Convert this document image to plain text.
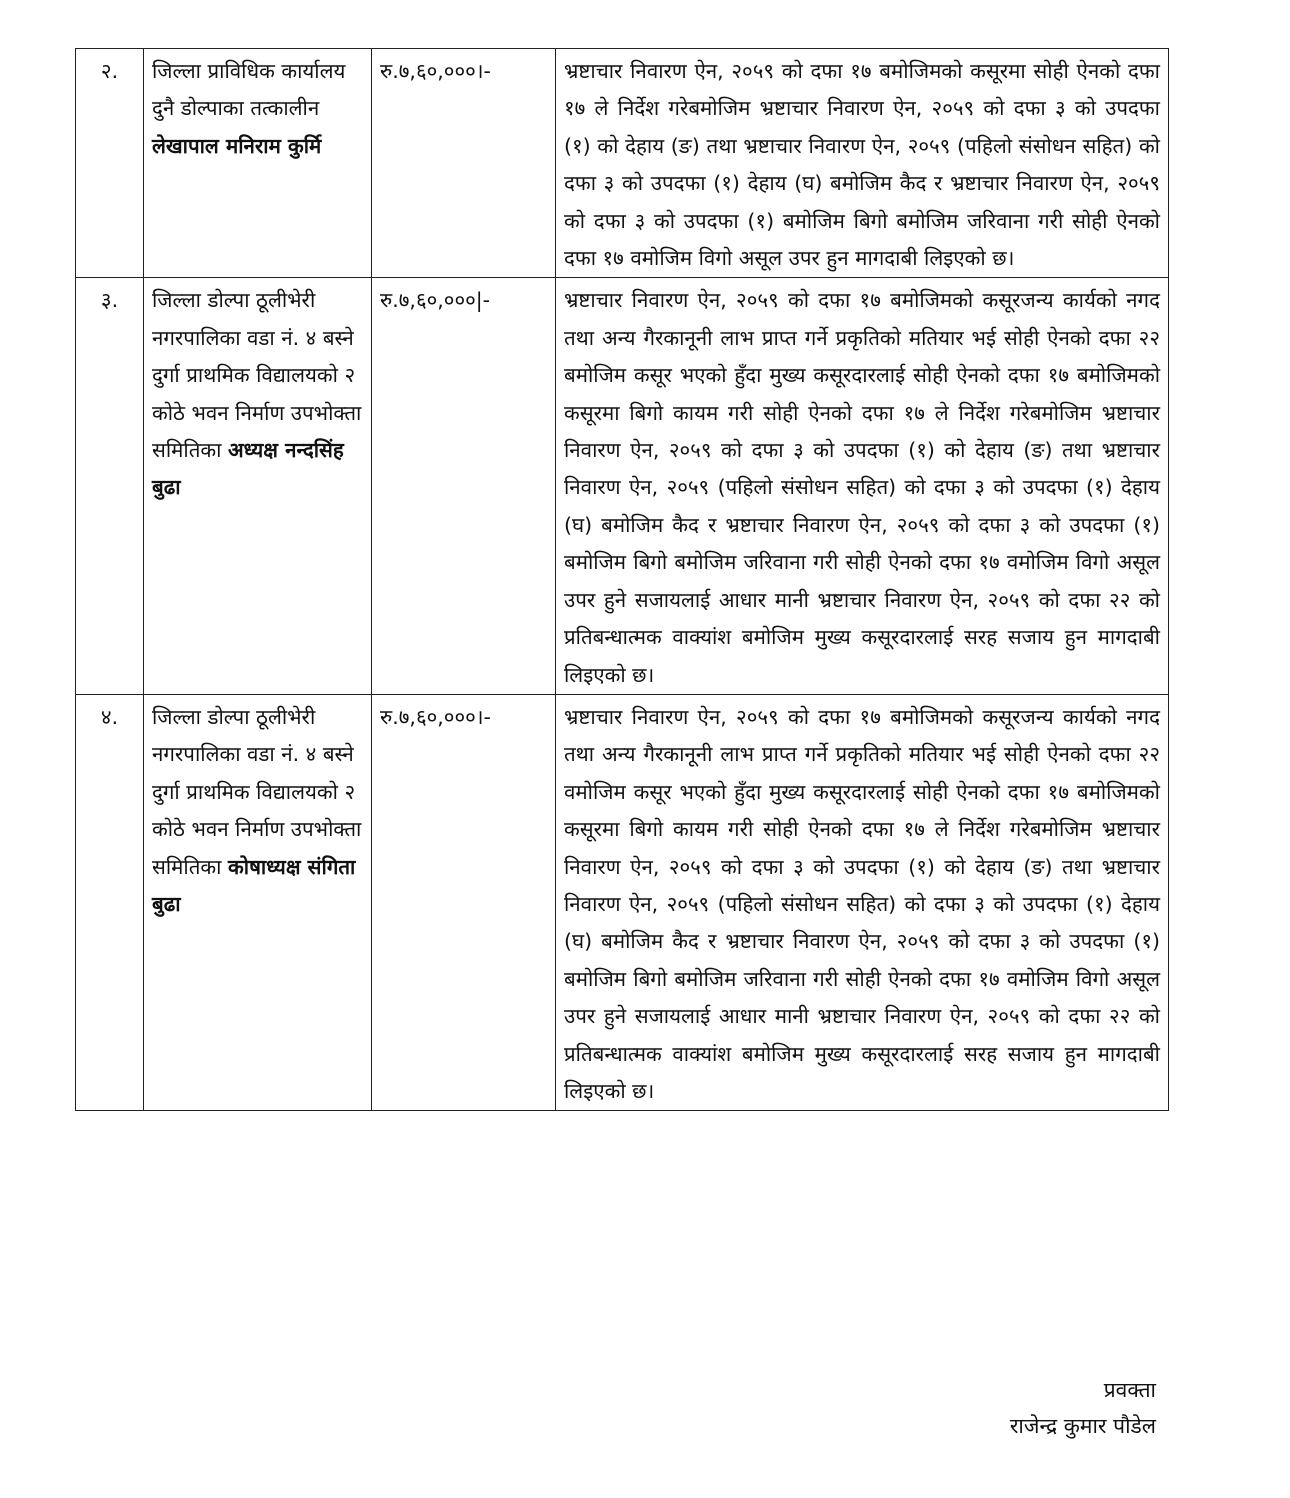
२.	जिल्ला प्राविधिक कार्यालय दुनै डोल्पाका तत्कालीन लेखापाल मनिराम कुर्मि	रु.७,६०,०००।-	भ्रष्टाचार निवारण ऐन, २०५९ को दफा १७ बमोजिमको कसूरमा सोही ऐनको दफा १७ ले निर्देश गरेबमोजिम भ्रष्टाचार निवारण ऐन, २०५९ को दफा ३ को उपदफा (१) को देहाय (ङ) तथा भ्रष्टाचार निवारण ऐन, २०५९ (पहिलो संसोधन सहित) को दफा ३ को उपदफा (१) देहाय (घ) बमोजिम कैद र भ्रष्टाचार निवारण ऐन, २०५९ को दफा ३ को उपदफा (१) बमोजिम बिगो बमोजिम जरिवाना गरी सोही ऐनको दफा १७ वमोजिम विगो असूल उपर हुन मागदाबी लिइएको छ।
३.	जिल्ला डोल्पा ठूलीभेरी नगरपालिका वडा नं. ४ बस्ने दुर्गा प्राथमिक विद्यालयको २ कोठे भवन निर्माण उपभोक्ता समितिका अध्यक्ष नन्दसिंह बुढा	रु.७,६०,०००|-	भ्रष्टाचार निवारण ऐन, २०५९ को दफा १७ बमोजिमको कसूरजन्य कार्यको नगद तथा अन्य गैरकानूनी लाभ प्राप्त गर्ने प्रकृतिको मतियार भई सोही ऐनको दफा २२ बमोजिम कसूर भएको हुँदा मुख्य कसूरदारलाई सोही ऐनको दफा १७ बमोजिमको कसूरमा बिगो कायम गरी सोही ऐनको दफा १७ ले निर्देश गरेबमोजिम भ्रष्टाचार निवारण ऐन, २०५९ को दफा ३ को उपदफा (१) को देहाय (ङ) तथा भ्रष्टाचार निवारण ऐन, २०५९ (पहिलो संसोधन सहित) को दफा ३ को उपदफा (१) देहाय (घ) बमोजिम कैद र भ्रष्टाचार निवारण ऐन, २०५९ को दफा ३ को उपदफा (१) बमोजिम बिगो बमोजिम जरिवाना गरी सोही ऐनको दफा १७ वमोजिम विगो असूल उपर हुने सजायलाई आधार मानी भ्रष्टाचार निवारण ऐन, २०५९ को दफा २२ को प्रतिबन्धात्मक वाक्यांश बमोजिम मुख्य कसूरदारलाई सरह सजाय हुन मागदाबी लिइएको छ।
४.	जिल्ला डोल्पा ठूलीभेरी नगरपालिका वडा नं. ४ बस्ने दुर्गा प्राथमिक विद्यालयको २ कोठे भवन निर्माण उपभोक्ता समितिका कोषाध्यक्ष संगिता बुढा	रु.७,६०,०००।-	भ्रष्टाचार निवारण ऐन, २०५९ को दफा १७ बमोजिमको कसूरजन्य कार्यको नगद तथा अन्य गैरकानूनी लाभ प्राप्त गर्ने प्रकृतिको मतियार भई सोही ऐनको दफा २२ वमोजिम कसूर भएको हुँदा मुख्य कसूरदारलाई सोही ऐनको दफा १७ बमोजिमको कसूरमा बिगो कायम गरी सोही ऐनको दफा १७ ले निर्देश गरेबमोजिम भ्रष्टाचार निवारण ऐन, २०५९ को दफा ३ को उपदफा (१) को देहाय (ङ) तथा भ्रष्टाचार निवारण ऐन, २०५९ (पहिलो संसोधन सहित) को दफा ३ को उपदफा (१) देहाय (घ) बमोजिम कैद र भ्रष्टाचार निवारण ऐन, २०५९ को दफा ३ को उपदफा (१) बमोजिम बिगो बमोजिम जरिवाना गरी सोही ऐनको दफा १७ वमोजिम विगो असूल उपर हुने सजायलाई आधार मानी भ्रष्टाचार निवारण ऐन, २०५९ को दफा २२ को प्रतिबन्धात्मक वाक्यांश बमोजिम मुख्य कसूरदारलाई सरह सजाय हुन मागदाबी लिइएको छ।
प्रवक्ता
राजेन्द्र कुमार पौडेल
